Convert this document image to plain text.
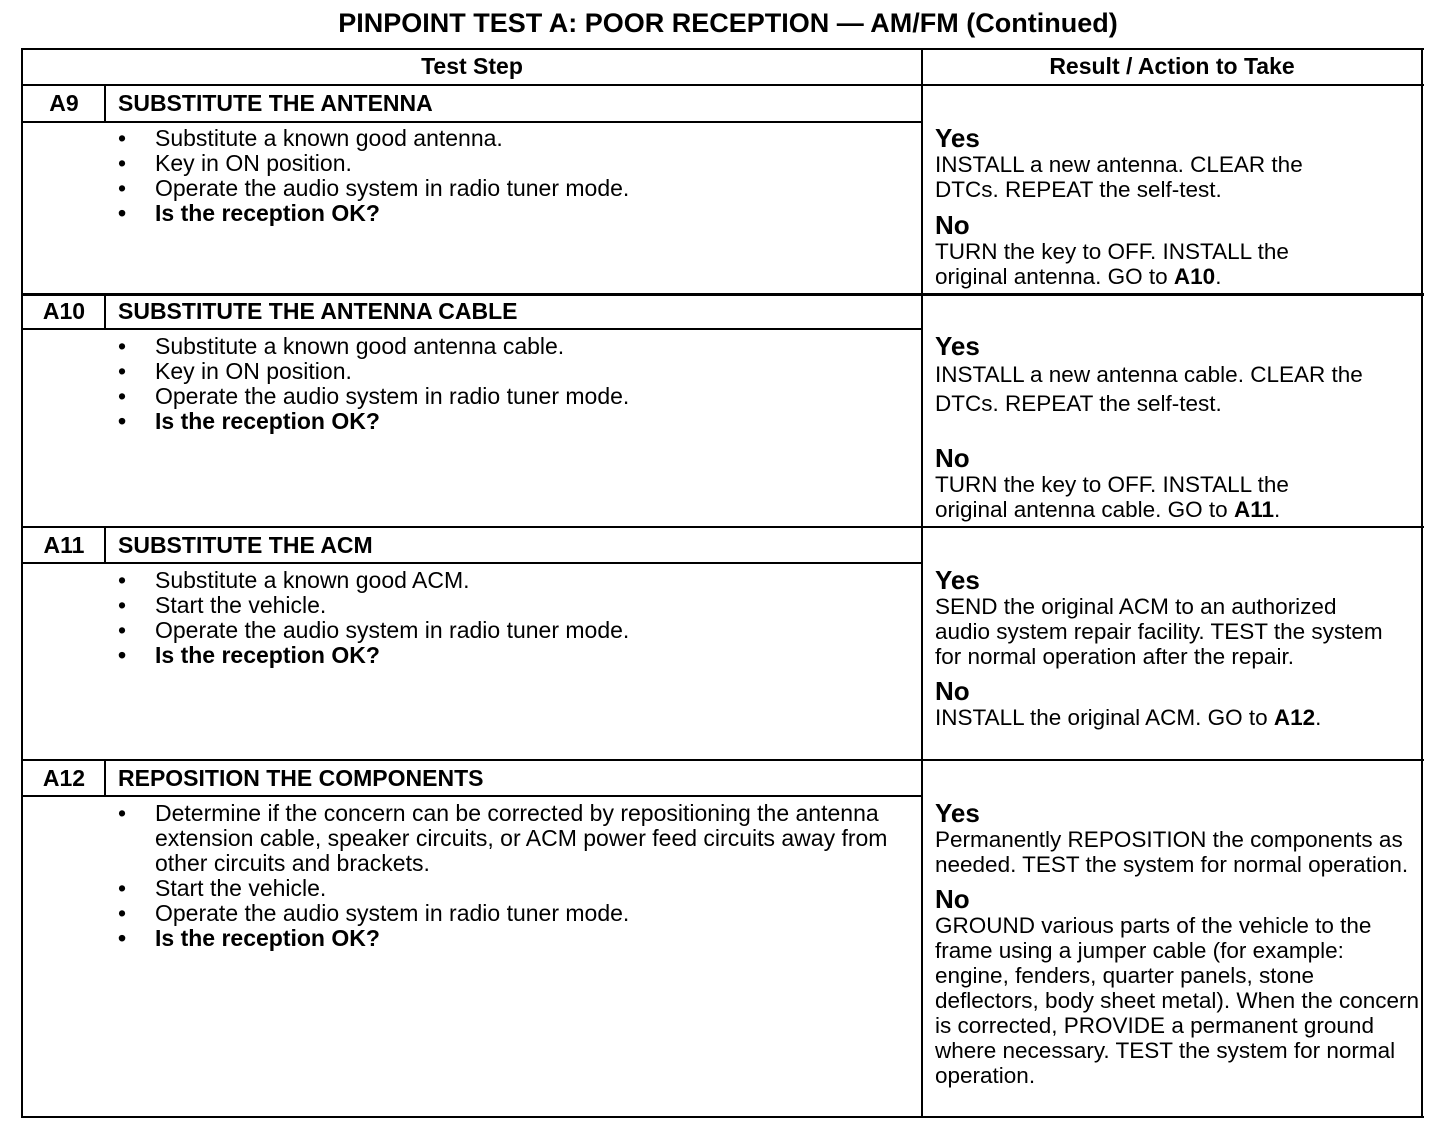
PINPOINT TEST A: POOR RECEPTION — AM/FM (Continued)
Test Step	Result / Action to Take
A9	SUBSTITUTE THE ANTENNA
• Substitute a known good antenna.
• Key in ON position.
• Operate the audio system in radio tuner mode.
• Is the reception OK?
Yes
INSTALL a new antenna. CLEAR the DTCs. REPEAT the self-test.
No
TURN the key to OFF. INSTALL the original antenna. GO to A10.
A10	SUBSTITUTE THE ANTENNA CABLE
• Substitute a known good antenna cable.
• Key in ON position.
• Operate the audio system in radio tuner mode.
• Is the reception OK?
Yes
INSTALL a new antenna cable. CLEAR the DTCs. REPEAT the self-test.
No
TURN the key to OFF. INSTALL the original antenna cable. GO to A11.
A11	SUBSTITUTE THE ACM
• Substitute a known good ACM.
• Start the vehicle.
• Operate the audio system in radio tuner mode.
• Is the reception OK?
Yes
SEND the original ACM to an authorized audio system repair facility. TEST the system for normal operation after the repair.
No
INSTALL the original ACM. GO to A12.
A12	REPOSITION THE COMPONENTS
• Determine if the concern can be corrected by repositioning the antenna extension cable, speaker circuits, or ACM power feed circuits away from other circuits and brackets.
• Start the vehicle.
• Operate the audio system in radio tuner mode.
• Is the reception OK?
Yes
Permanently REPOSITION the components as needed. TEST the system for normal operation.
No
GROUND various parts of the vehicle to the frame using a jumper cable (for example: engine, fenders, quarter panels, stone deflectors, body sheet metal). When the concern is corrected, PROVIDE a permanent ground where necessary. TEST the system for normal operation.
